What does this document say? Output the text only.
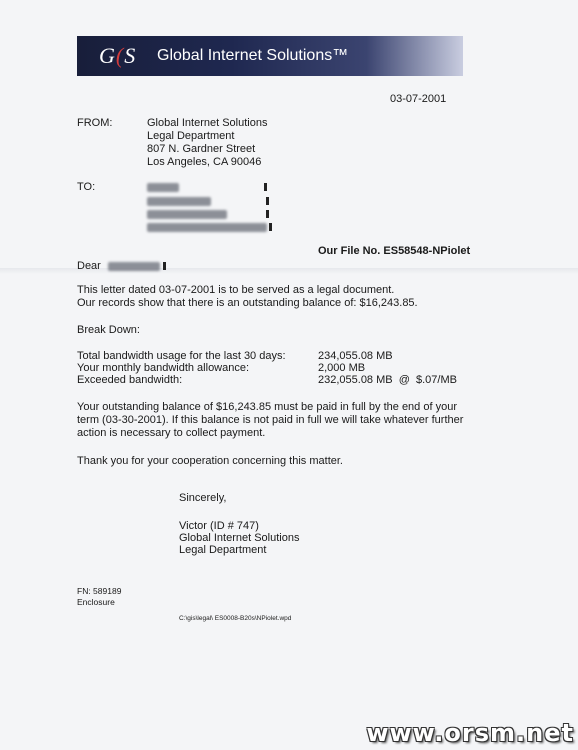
G(S Global Internet Solutions™
03-07-2001
FROM:	Global Internet Solutions
Legal Department
807 N. Gardner Street
Los Angeles, CA 90046
TO:
Our File No. ES58548-NPiolet
Dear
This letter dated 03-07-2001 is to be served as a legal document.
Our records show that there is an outstanding balance of: $16,243.85.
Break Down:
Total bandwidth usage for the last 30 days:	234,055.08 MB
Your monthly bandwidth allowance:	2,000 MB
Exceeded bandwidth:	232,055.08 MB  @  $.07/MB
Your outstanding balance of $16,243.85 must be paid in full by the end of your
term (03-30-2001). If this balance is not paid in full we will take whatever further
action is necessary to collect payment.
Thank you for your cooperation concerning this matter.
Sincerely,
Victor (ID # 747)
Global Internet Solutions
Legal Department
FN: 589189
Enclosure
C:\gis\legal\ ES0008-B20s\NPiolet.wpd
www.orsm.net
